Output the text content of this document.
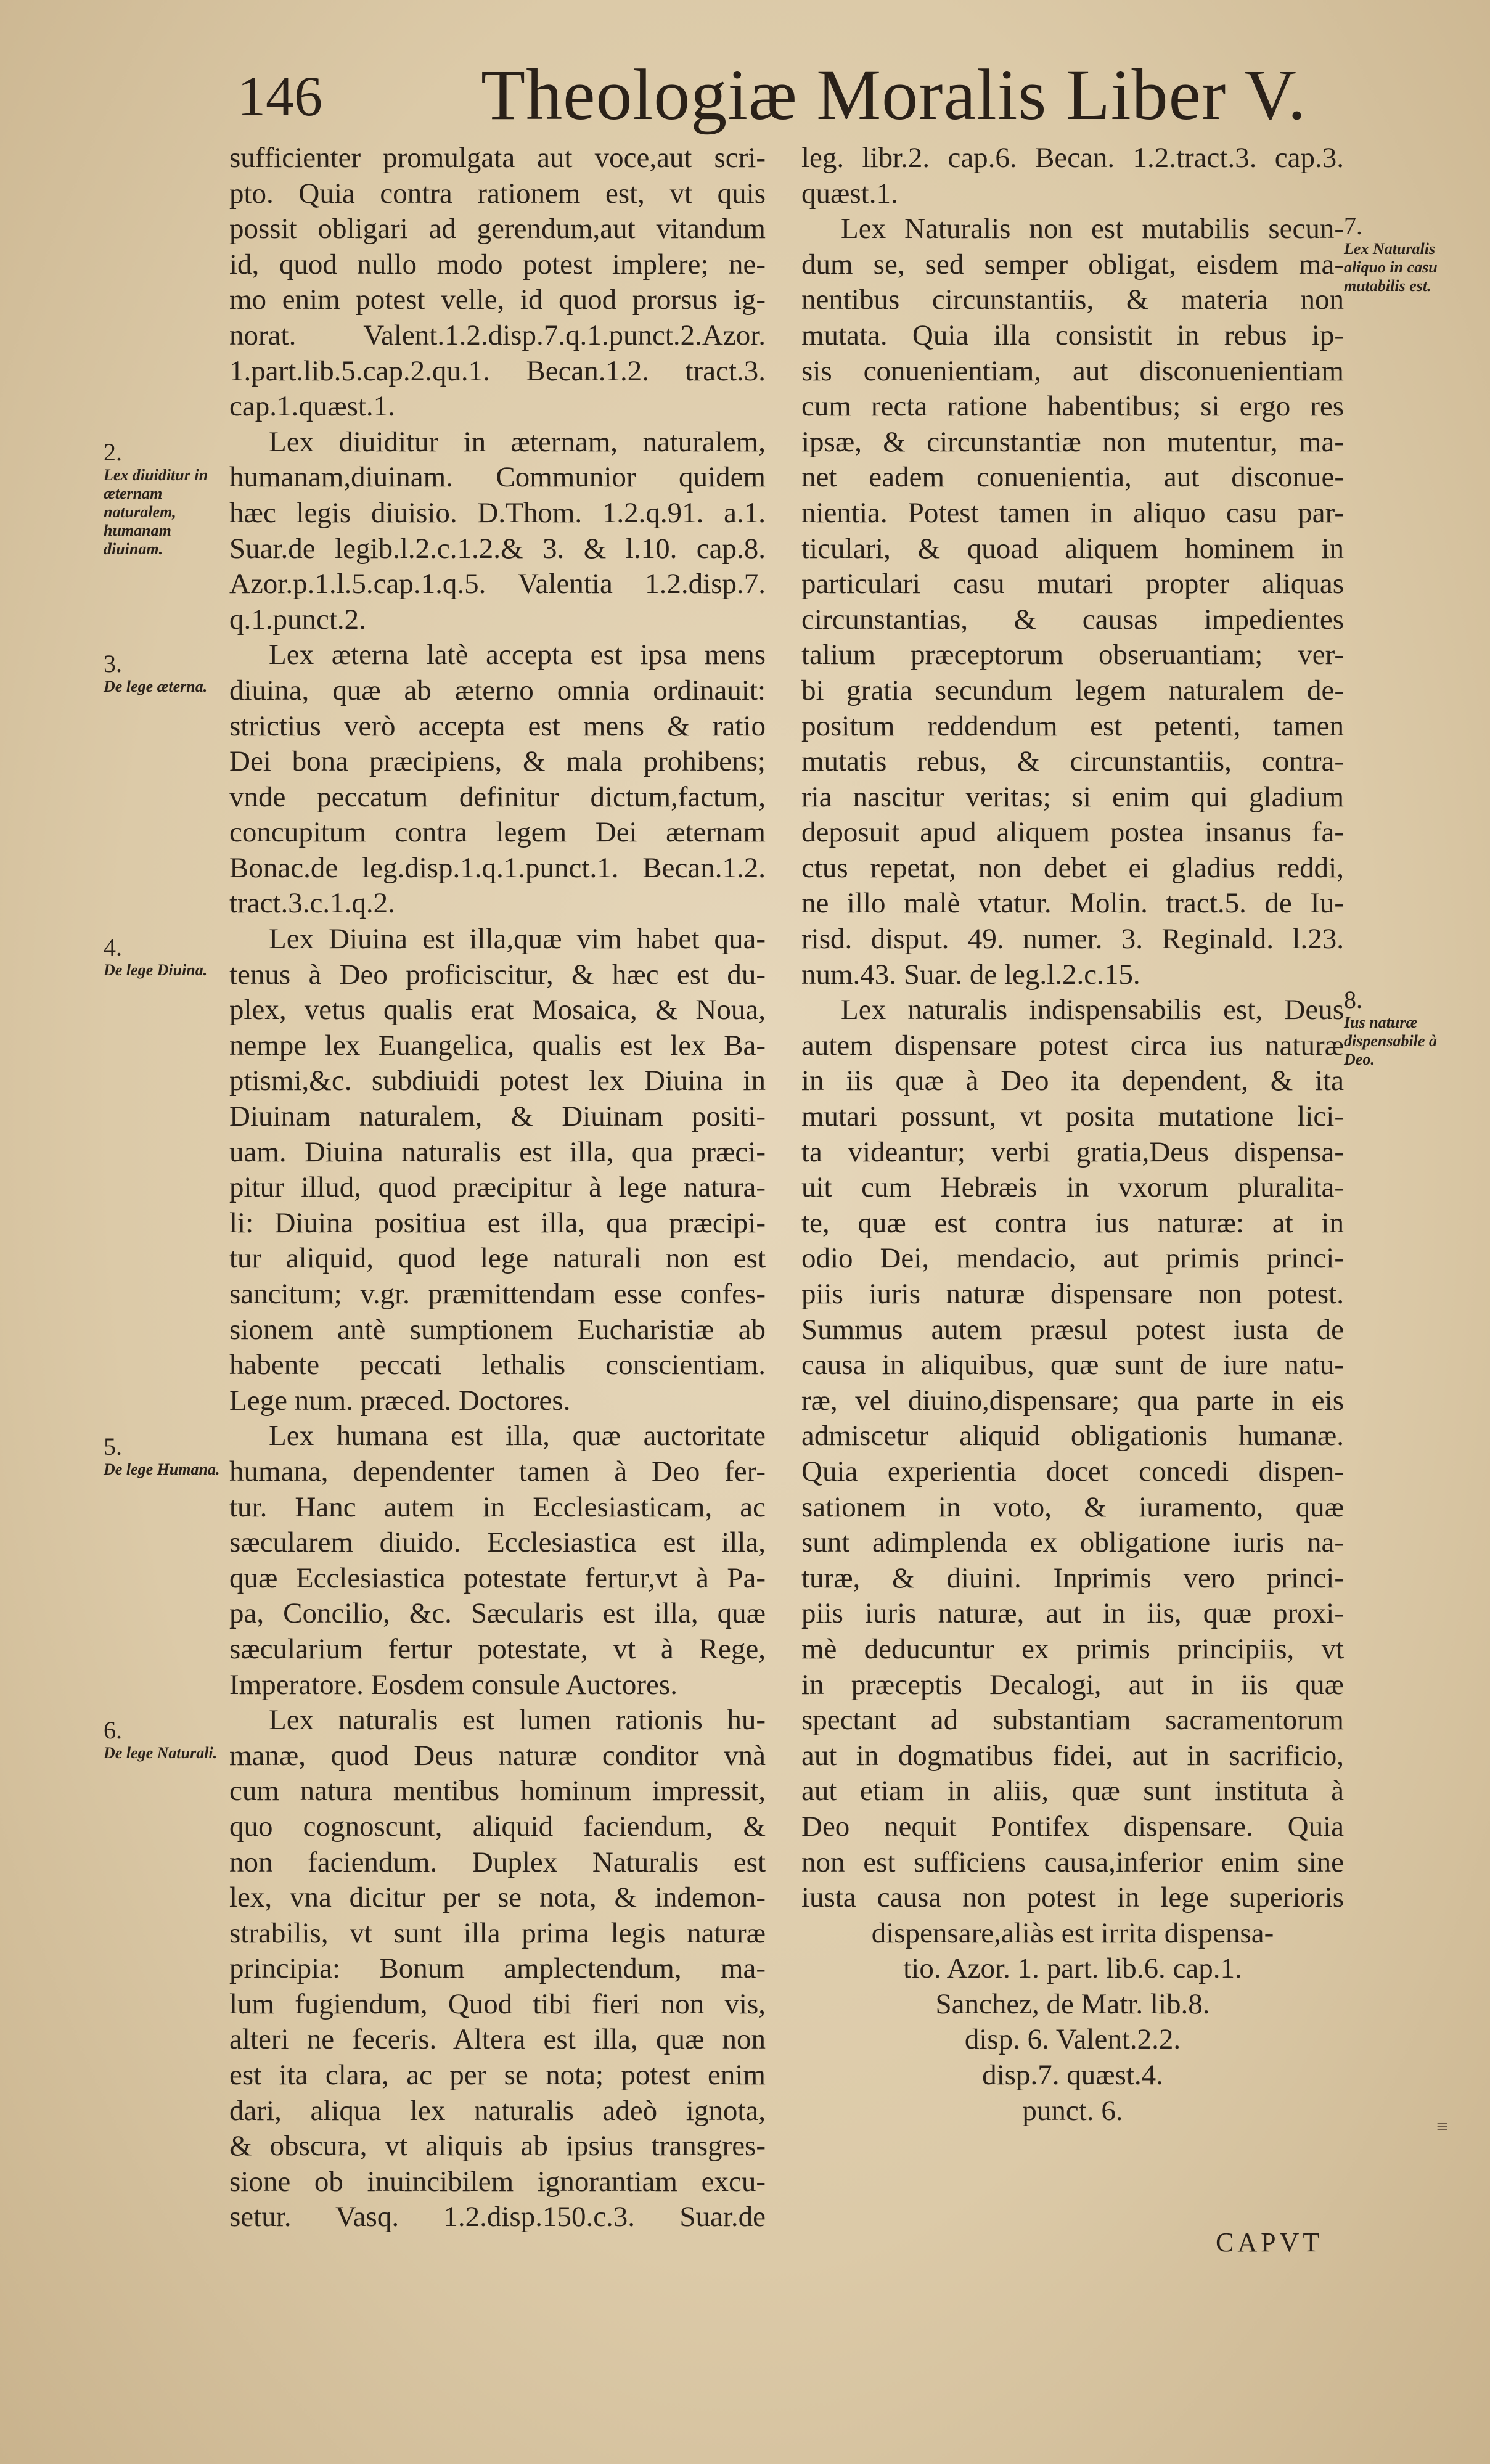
146 Theologiæ Moralis Liber V.
sufficienter promulgata aut voce,aut scri-
pto. Quia contra rationem est, vt quis
possit obligari ad gerendum,aut vitandum
id, quod nullo modo potest implere; ne-
mo enim potest velle, id quod prorsus ig-
norat. Valent.1.2.disp.7.q.1.punct.2.Azor.
1.part.lib.5.cap.2.qu.1. Becan.1.2. tract.3.
cap.1.quæst.1.
Lex diuiditur in æternam, naturalem,
humanam,diuinam. Communior quidem
hæc legis diuisio. D.Thom. 1.2.q.91. a.1.
Suar.de legib.l.2.c.1.2.& 3. & l.10. cap.8.
Azor.p.1.l.5.cap.1.q.5. Valentia 1.2.disp.7.
q.1.punct.2.
Lex æterna latè accepta est ipsa mens
diuina, quæ ab æterno omnia ordinauit:
strictius verò accepta est mens & ratio
Dei bona præcipiens, & mala prohibens;
vnde peccatum definitur dictum,factum,
concupitum contra legem Dei æternam
Bonac.de leg.disp.1.q.1.punct.1. Becan.1.2.
tract.3.c.1.q.2.
Lex Diuina est illa,quæ vim habet qua-
tenus à Deo proficiscitur, & hæc est du-
plex, vetus qualis erat Mosaica, & Noua,
nempe lex Euangelica, qualis est lex Ba-
ptismi,&c. subdiuidi potest lex Diuina in
Diuinam naturalem, & Diuinam positi-
uam. Diuina naturalis est illa, qua præci-
pitur illud, quod præcipitur à lege natura-
li: Diuina positiua est illa, qua præcipi-
tur aliquid, quod lege naturali non est
sancitum; v.gr. præmittendam esse confes-
sionem antè sumptionem Eucharistiæ ab
habente peccati lethalis conscientiam.
Lege num. præced. Doctores.
Lex humana est illa, quæ auctoritate
humana, dependenter tamen à Deo fer-
tur. Hanc autem in Ecclesiasticam, ac
sæcularem diuido. Ecclesiastica est illa,
quæ Ecclesiastica potestate fertur,vt à Pa-
pa, Concilio, &c. Sæcularis est illa, quæ
sæcularium fertur potestate, vt à Rege,
Imperatore. Eosdem consule Auctores.
Lex naturalis est lumen rationis hu-
manæ, quod Deus naturæ conditor vnà
cum natura mentibus hominum impressit,
quo cognoscunt, aliquid faciendum, &
non faciendum. Duplex Naturalis est
lex, vna dicitur per se nota, & indemon-
strabilis, vt sunt illa prima legis naturæ
principia: Bonum amplectendum, ma-
lum fugiendum, Quod tibi fieri non vis,
alteri ne feceris. Altera est illa, quæ non
est ita clara, ac per se nota; potest enim
dari, aliqua lex naturalis adeò ignota,
& obscura, vt aliquis ab ipsius transgres-
sione ob inuincibilem ignorantiam excu-
setur. Vasq. 1.2.disp.150.c.3. Suar.de
leg. libr.2. cap.6. Becan. 1.2.tract.3. cap.3.
quæst.1.
Lex Naturalis non est mutabilis secun-
dum se, sed semper obligat, eisdem ma-
nentibus circunstantiis, & materia non
mutata. Quia illa consistit in rebus ip-
sis conuenientiam, aut disconuenientiam
cum recta ratione habentibus; si ergo res
ipsæ, & circunstantiæ non mutentur, ma-
net eadem conuenientia, aut disconue-
nientia. Potest tamen in aliquo casu par-
ticulari, & quoad aliquem hominem in
particulari casu mutari propter aliquas
circunstantias, & causas impedientes
talium præceptorum obseruantiam; ver-
bi gratia secundum legem naturalem de-
positum reddendum est petenti, tamen
mutatis rebus, & circunstantiis, contra-
ria nascitur veritas; si enim qui gladium
deposuit apud aliquem postea insanus fa-
ctus repetat, non debet ei gladius reddi,
ne illo malè vtatur. Molin. tract.5. de Iu-
risd. disput. 49. numer. 3. Reginald. l.23.
num.43. Suar. de leg.l.2.c.15.
Lex naturalis indispensabilis est, Deus
autem dispensare potest circa ius naturæ
in iis quæ à Deo ita dependent, & ita
mutari possunt, vt posita mutatione lici-
ta videantur; verbi gratia,Deus dispensa-
uit cum Hebræis in vxorum pluralita-
te, quæ est contra ius naturæ: at in
odio Dei, mendacio, aut primis princi-
piis iuris naturæ dispensare non potest.
Summus autem præsul potest iusta de
causa in aliquibus, quæ sunt de iure natu-
ræ, vel diuino,dispensare; qua parte in eis
admiscetur aliquid obligationis humanæ.
Quia experientia docet concedi dispen-
sationem in voto, & iuramento, quæ
sunt adimplenda ex obligatione iuris na-
turæ, & diuini. Inprimis vero princi-
piis iuris naturæ, aut in iis, quæ proxi-
mè deducuntur ex primis principiis, vt
in præceptis Decalogi, aut in iis quæ
spectant ad substantiam sacramentorum
aut in dogmatibus fidei, aut in sacrificio,
aut etiam in aliis, quæ sunt instituta à
Deo nequit Pontifex dispensare. Quia
non est sufficiens causa,inferior enim sine
iusta causa non potest in lege superioris
dispensare,aliàs est irrita dispensa-
tio. Azor. 1. part. lib.6. cap.1.
Sanchez, de Matr. lib.8.
disp. 6. Valent.2.2.
disp.7. quæst.4.
punct. 6.
2.
Lex diuiditur in æternam naturalem, humanam diuinam.
3.
De lege æterna.
4.
De lege Diuina.
5.
De lege Humana.
6.
De lege Naturali.
7.
Lex Naturalis aliquo in casu mutabilis est.
8.
Ius naturæ dispensabile à Deo.
≡
CAPVT
